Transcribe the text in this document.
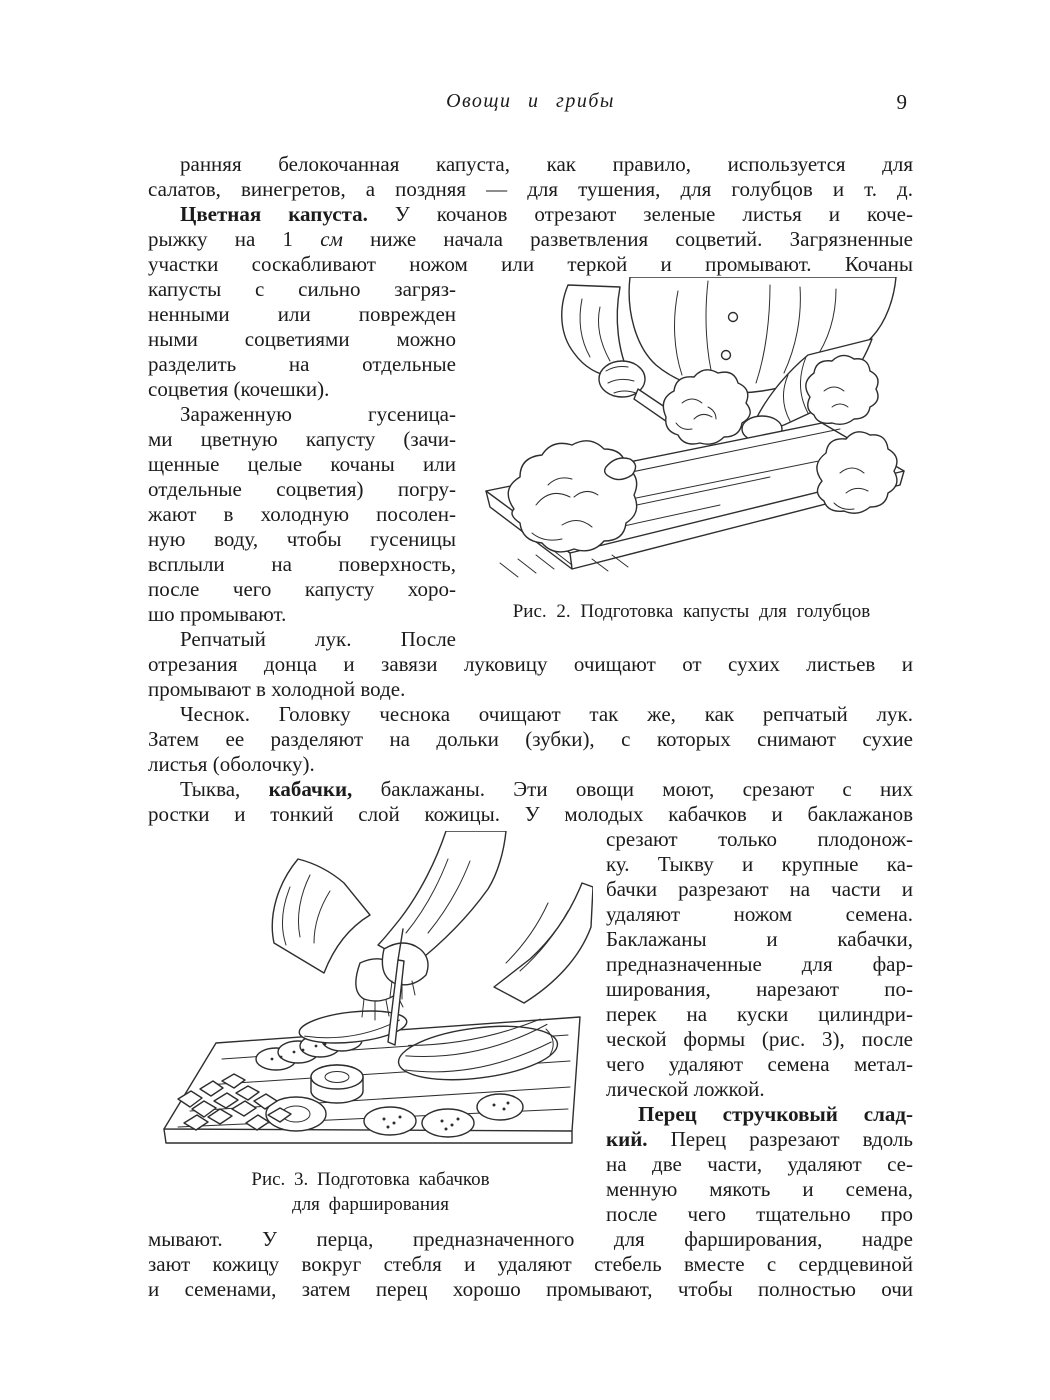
Овощи и грибы	9
ранняя белокочанная капуста, как правило, используется для
салатов, винегретов, а поздняя — для тушения, для голубцов и т. д.
Цветная капуста. У кочанов отрезают зеленые листья и коче-
рыжку на 1 см ниже начала разветвления соцветий. Загрязненные
участки соскабливают ножом или теркой и промывают. Кочаны
капусты с сильно загряз-
ненными или поврежден
ными соцветиями можно
разделить на отдельные
соцветия (кочешки).
Зараженную гусеница-
ми цветную капусту (зачи-
щенные целые кочаны или
отдельные соцветия) погру-
жают в холодную посолен-
ную воду, чтобы гусеницы
всплыли на поверхность,
после чего капусту хоро-
шо промывают.
Репчатый лук. После
Рис. 2. Подготовка капусты для голубцов
отрезания донца и завязи луковицу очищают от сухих листьев и
промывают в холодной воде.
Чеснок. Головку чеснока очищают так же, как репчатый лук.
Затем ее разделяют на дольки (зубки), с которых снимают сухие
листья (оболочку).
Тыква, кабачки, баклажаны. Эти овощи моют, срезают с них
ростки и тонкий слой кожицы. У молодых кабачков и баклажанов
Рис. 3. Подготовка кабачков
для фарширования
срезают только плодонож-
ку. Тыкву и крупные ка-
бачки разрезают на части и
удаляют ножом семена.
Баклажаны и кабачки,
предназначенные для фар-
ширования, нарезают по-
перек на куски цилиндри-
ческой формы (рис. 3), после
чего удаляют семена метал-
лической ложкой.
Перец стручковый слад-
кий. Перец разрезают вдоль
на две части, удаляют се-
менную мякоть и семена,
после чего тщательно про
мывают. У перца, предназначенного для фарширования, надре
зают кожицу вокруг стебля и удаляют стебель вместе с сердцевиной
и семенами, затем перец хорошо промывают, чтобы полностью очи
